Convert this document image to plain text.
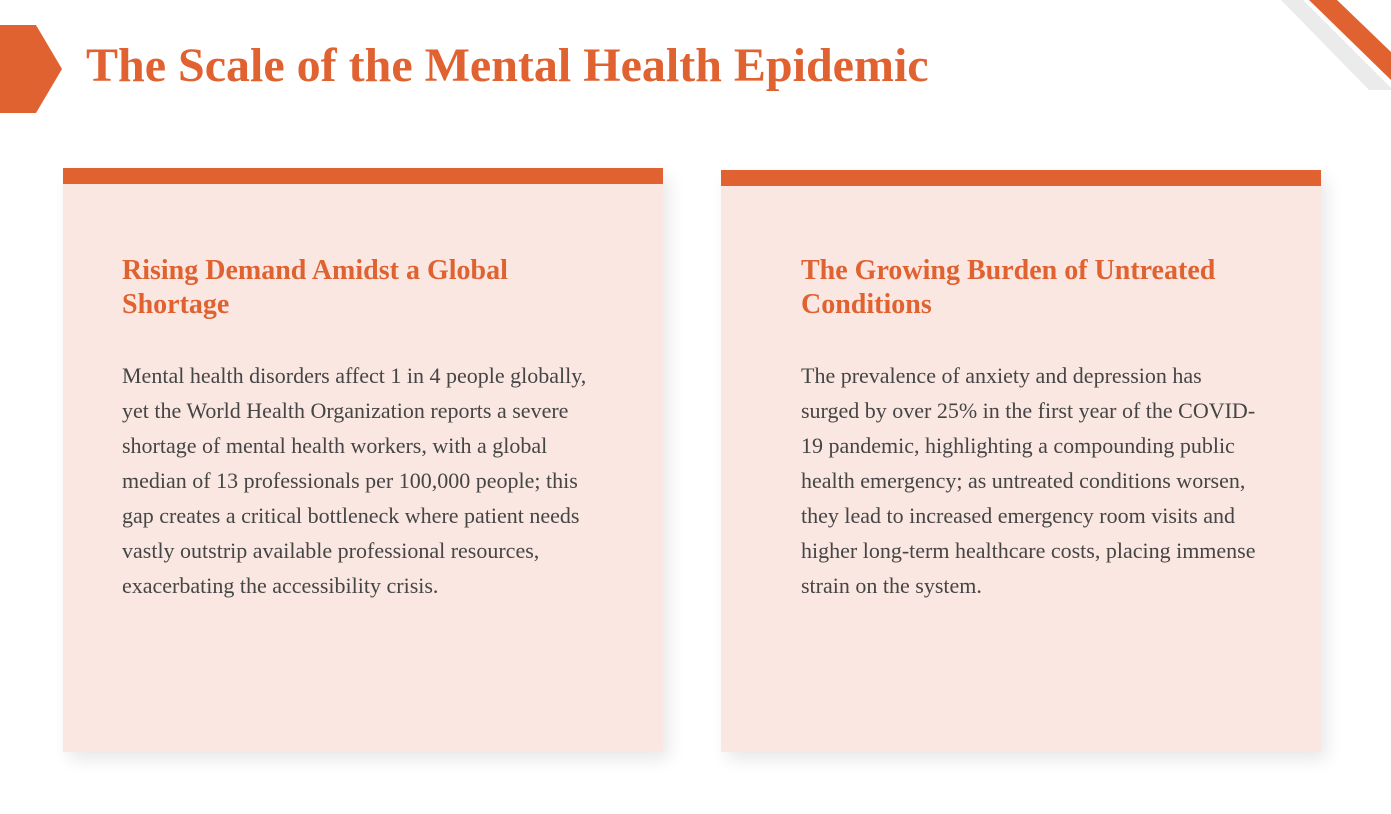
The Scale of the Mental Health Epidemic
Rising Demand Amidst a Global Shortage

Mental health disorders affect 1 in 4 people globally, yet the World Health Organization reports a severe shortage of mental health workers, with a global median of 13 professionals per 100,000 people; this gap creates a critical bottleneck where patient needs vastly outstrip available professional resources, exacerbating the accessibility crisis.

The Growing Burden of Untreated Conditions

The prevalence of anxiety and depression has surged by over 25% in the first year of the COVID-19 pandemic, highlighting a compounding public health emergency; as untreated conditions worsen, they lead to increased emergency room visits and higher long-term healthcare costs, placing immense strain on the system.
